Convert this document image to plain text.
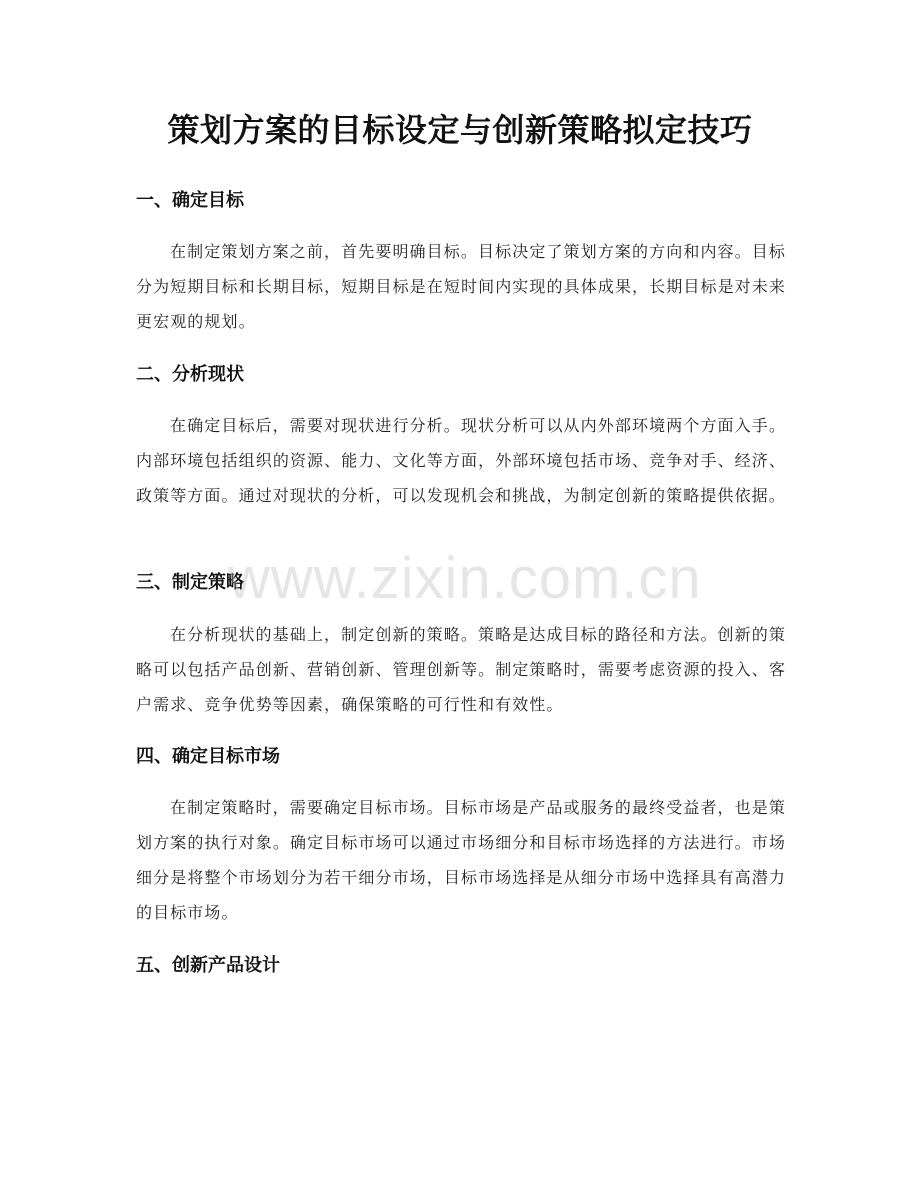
策划方案的目标设定与创新策略拟定技巧
一、确定目标
在制定策划方案之前，首先要明确目标。目标决定了策划方案的方向和内容。目标分为短期目标和长期目标，短期目标是在短时间内实现的具体成果，长期目标是对未来更宏观的规划。
二、分析现状
在确定目标后，需要对现状进行分析。现状分析可以从内外部环境两个方面入手。内部环境包括组织的资源、能力、文化等方面，外部环境包括市场、竞争对手、经济、政策等方面。通过对现状的分析，可以发现机会和挑战，为制定创新的策略提供依据。
三、制定策略
在分析现状的基础上，制定创新的策略。策略是达成目标的路径和方法。创新的策略可以包括产品创新、营销创新、管理创新等。制定策略时，需要考虑资源的投入、客户需求、竞争优势等因素，确保策略的可行性和有效性。
四、确定目标市场
在制定策略时，需要确定目标市场。目标市场是产品或服务的最终受益者，也是策划方案的执行对象。确定目标市场可以通过市场细分和目标市场选择的方法进行。市场细分是将整个市场划分为若干细分市场，目标市场选择是从细分市场中选择具有高潜力的目标市场。
五、创新产品设计
www.zixin.com.cn
